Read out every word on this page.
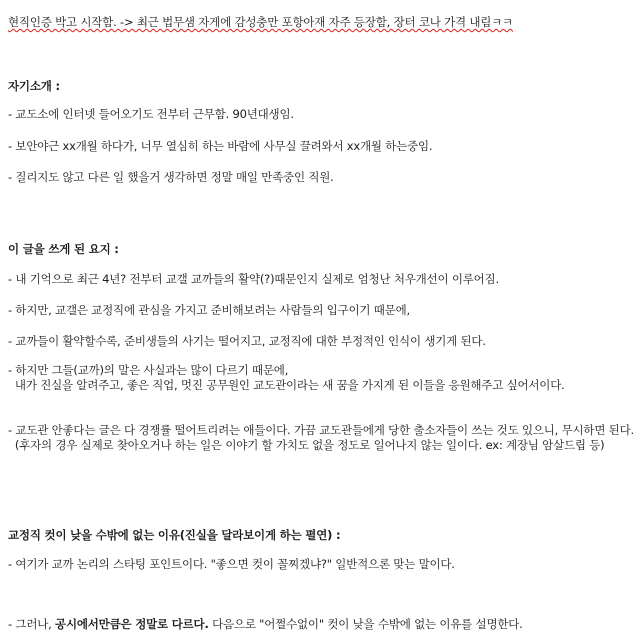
현직인증 박고 시작함. -> 최근 법무샘 자게에 감성충만 포항아재 자주 등장함, 장터 코나 가격 내림ㅋㅋ
자기소개 :
- 교도소에 인터넷 들어오기도 전부터 근무함. 90년대생임.
- 보안야근 xx개월 하다가, 너무 열심히 하는 바람에 사무실 끌려와서 xx개월 하는중임.
- 질리지도 않고 다른 일 했을거 생각하면 정말 매일 만족중인 직원.
이 글을 쓰게 된 요지 :
- 내 기억으로 최근 4년? 전부터 교갤 교까들의 활약(?)때문인지 실제로 엄청난 처우개선이 이루어짐.
- 하지만, 교갤은 교정직에 관심을 가지고 준비해보려는 사람들의 입구이기 때문에,
- 교까들이 활약할수록, 준비생들의 사기는 떨어지고, 교정직에 대한 부정적인 인식이 생기게 된다.
- 하지만 그들(교까)의 말은 사실과는 많이 다르기 때문에,
내가 진실을 알려주고, 좋은 직업, 멋진 공무원인 교도관이라는 새 꿈을 가지게 된 이들을 응원해주고 싶어서이다.
- 교도관 안좋다는 글은 다 경쟁률 떨어트리려는 애들이다. 가끔 교도관들에게 당한 출소자들이 쓰는 것도 있으니, 무시하면 된다.
(후자의 경우 실제로 찾아오거나 하는 일은 이야기 할 가치도 없을 정도로 일어나지 않는 일이다. ex: 계장님 암살드립 등)
교정직 컷이 낮을 수밖에 없는 이유(진실을 달라보이게 하는 펼연) :
- 여기가 교까 논리의 스타팅 포인트이다. "좋으면 컷이 꼴찌겠냐?" 일반적으론 맞는 말이다.
- 그러나, 공시에서만큼은 정말로 다르다. 다음으로 "어쩔수없이" 컷이 낮을 수밖에 없는 이유를 설명한다.
